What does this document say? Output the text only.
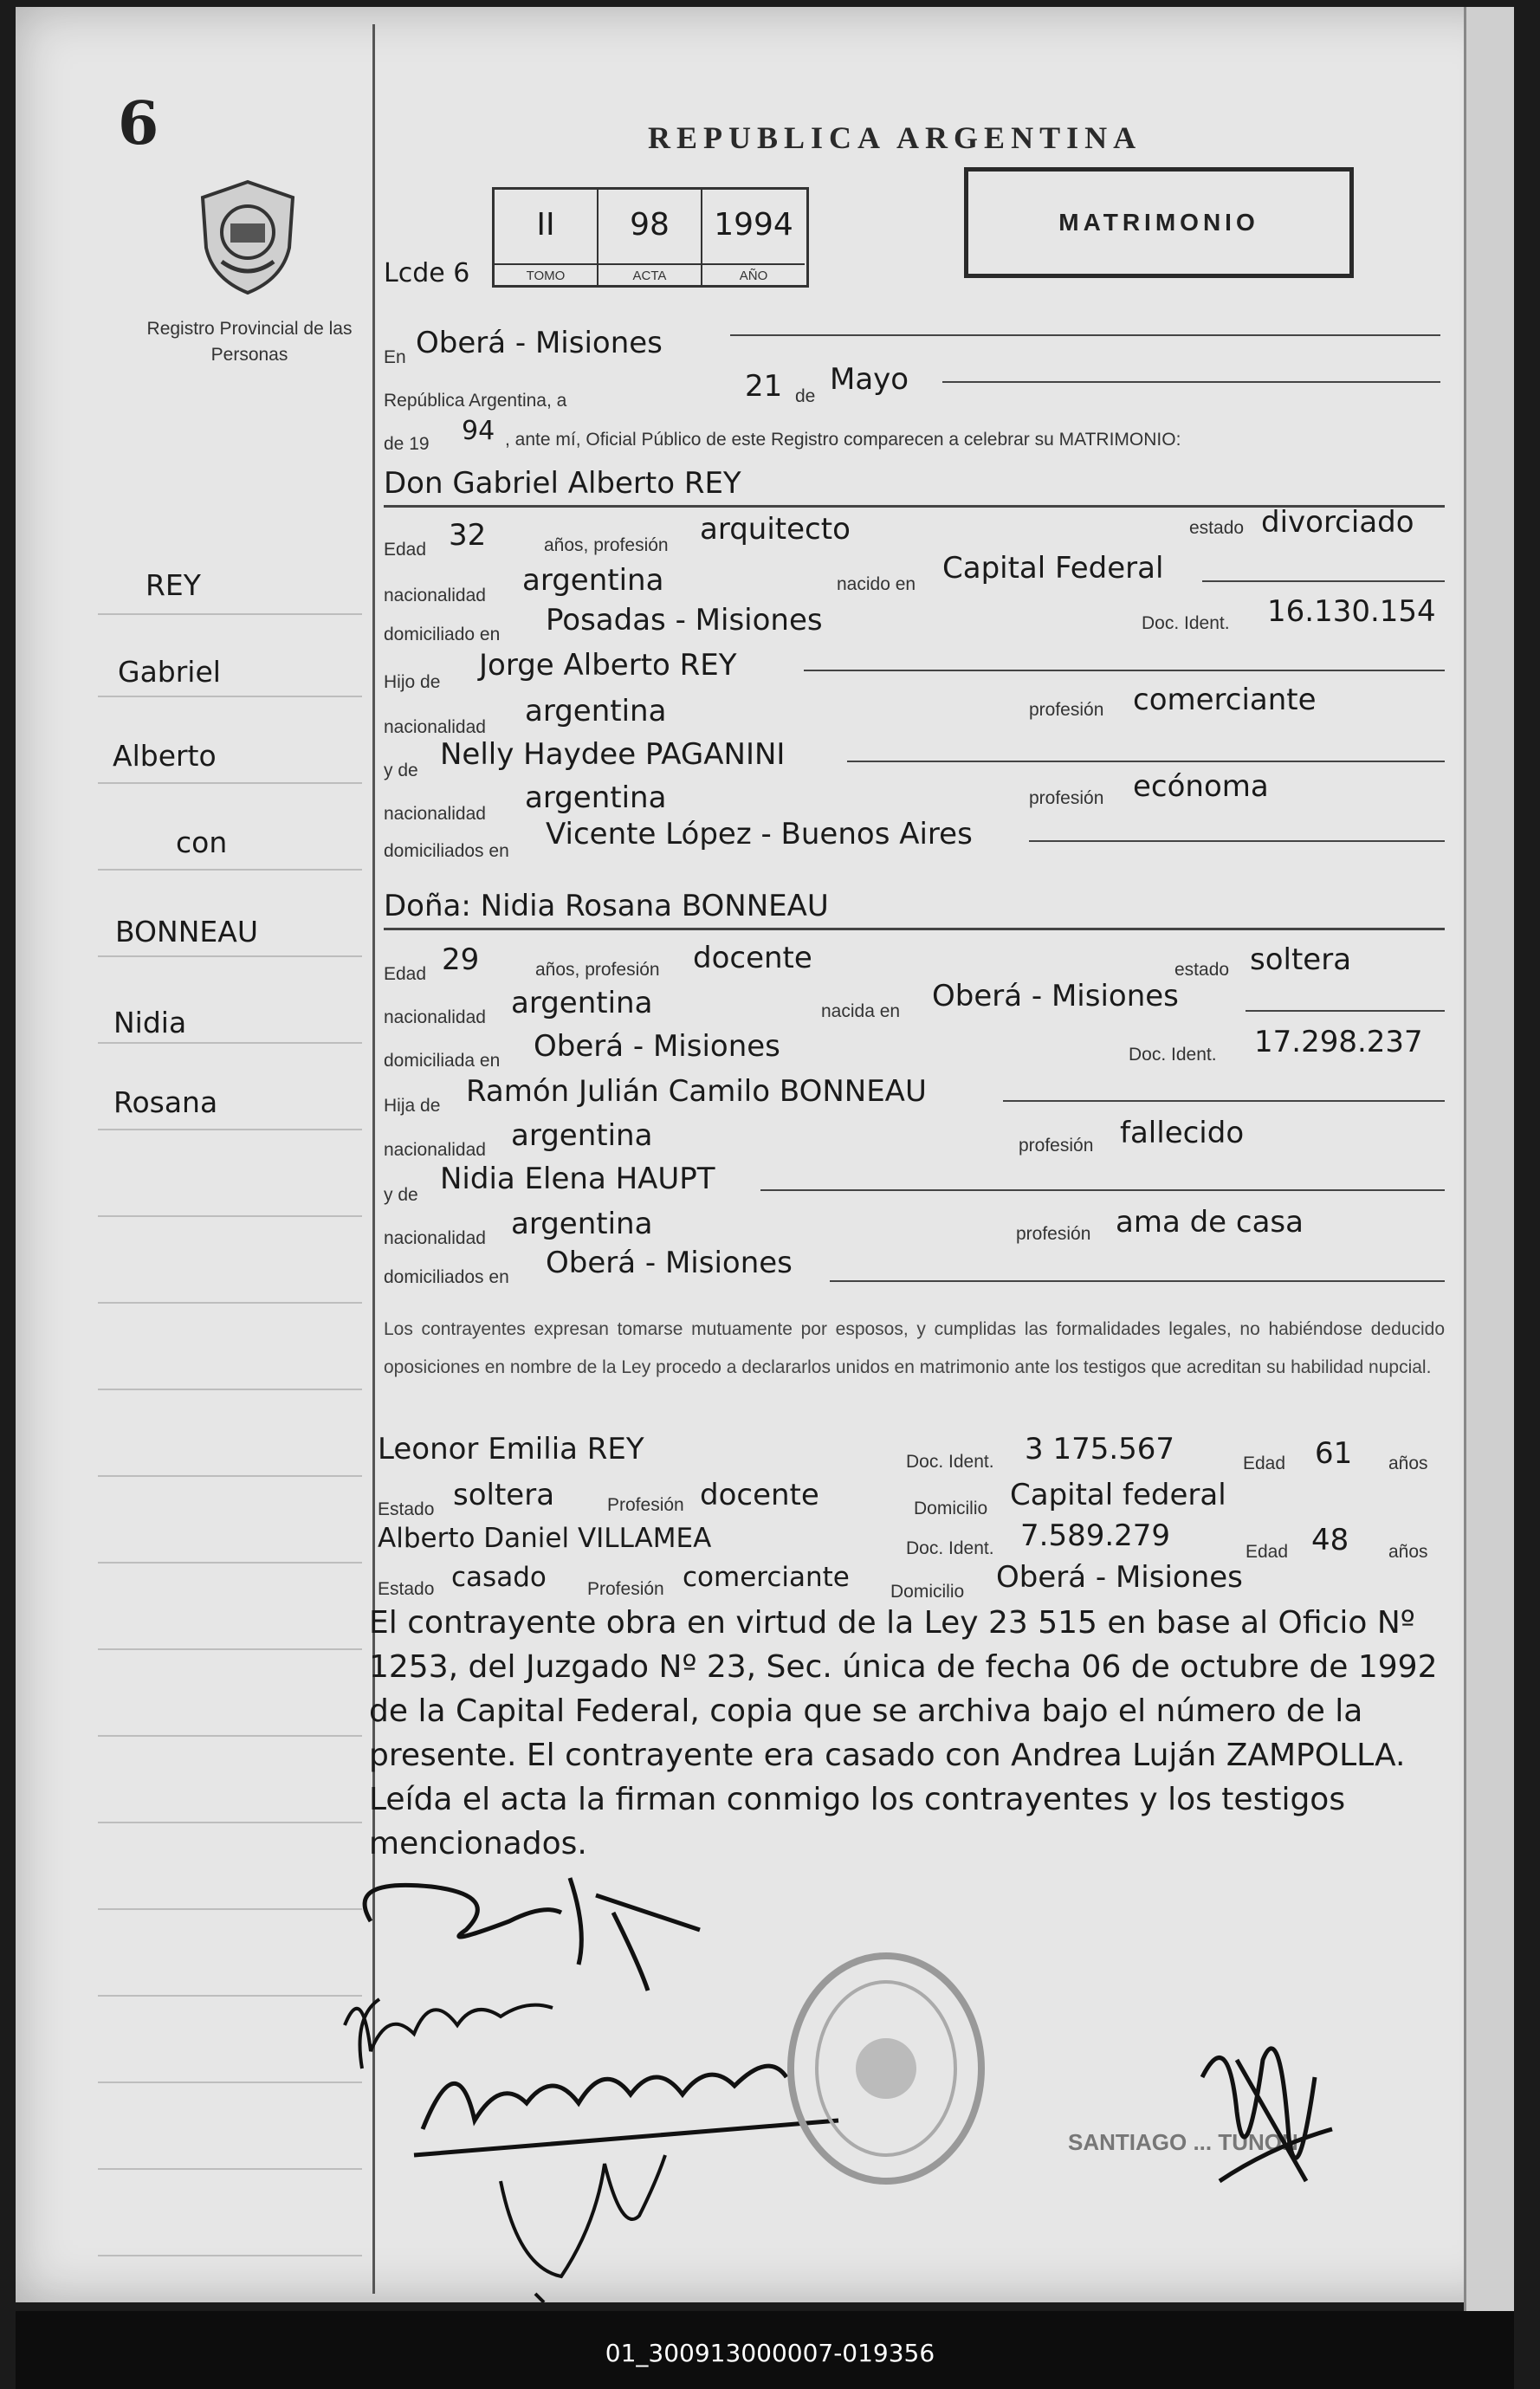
6
Registro Provincial de las Personas
REPUBLICA ARGENTINA
MATRIMONIO
Lcde 6
II
TOMO
98
ACTA
1994
AÑO
En Oberá - Misiones
República Argentina, a	21 de Mayo
de 19 94 , ante mí, Oficial Público de este Registro comparecen a celebrar su MATRIMONIO:
Don Gabriel Alberto REY
Edad 32	años, profesión arquitecto	estado divorciado
nacionalidad argentina	nacido en Capital Federal
domiciliado en Posadas - Misiones	Doc. Ident. 16.130.154
Hijo de Jorge Alberto REY
nacionalidad argentina	profesión comerciante
y de Nelly Haydee PAGANINI
nacionalidad argentina	profesión ecónoma
domiciliados en Vicente López - Buenos Aires
Doña: Nidia Rosana BONNEAU
Edad 29	años, profesión docente	estado soltera
nacionalidad argentina	nacida en Oberá - Misiones
domiciliada en Oberá - Misiones	Doc. Ident. 17.298.237
Hija de Ramón Julián Camilo BONNEAU
nacionalidad argentina	profesión fallecido
y de Nidia Elena HAUPT
nacionalidad argentina	profesión ama de casa
domiciliados en Oberá - Misiones
Los contrayentes expresan tomarse mutuamente por esposos, y cumplidas las formalidades legales, no habiéndose deducido oposiciones en nombre de la Ley procedo a declararlos unidos en matrimonio ante los testigos que acreditan su habilidad nupcial.
Leonor Emilia REY	Doc. Ident. 3 175.567	Edad 61 años
Estado soltera	Profesión docente	Domicilio Capital federal
Alberto Daniel VILLAMEA	Doc. Ident. 7.589.279	Edad 48 años
Estado casado Profesión comerciante Domicilio Oberá - Misiones
El contrayente obra en virtud de la Ley 23 515 en base al Oficio Nº 1253, del Juzgado Nº 23, Sec. única de fecha 06 de octubre de 1992 de la Capital Federal, copia que se archiva bajo el número de la presente. El contrayente era casado con Andrea Luján ZAMPOLLA. Leída el acta la firman conmigo los contrayentes y los testigos mencionados.
REY
Gabriel
Alberto
con
BONNEAU
Nidia
Rosana
SANTIAGO ... TUNON
01_300913000007-019356
